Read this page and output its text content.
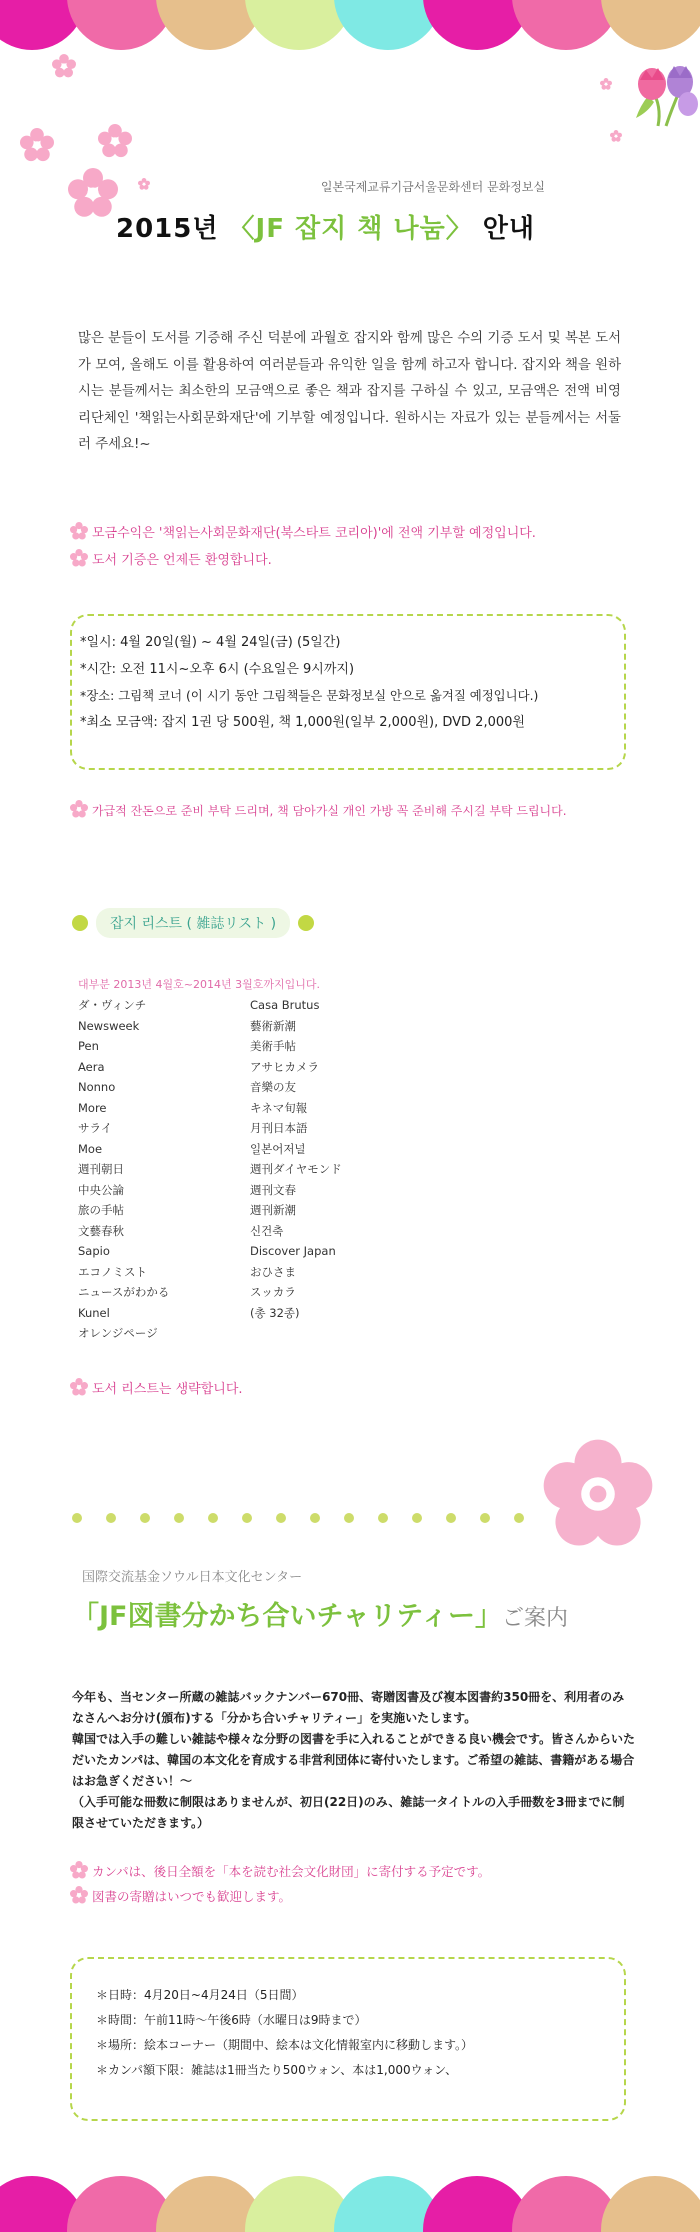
일본국제교류기금서울문화센터 문화정보실
2015년 〈JF 잡지 책 나눔〉 안내
많은 분들이 도서를 기증해 주신 덕분에 과월호 잡지와 함께 많은 수의 기증 도서 및 복본 도서가 모여, 올해도 이를 활용하여 여러분들과 유익한 일을 함께 하고자 합니다. 잡지와 책을 원하시는 분들께서는 최소한의 모금액으로 좋은 책과 잡지를 구하실 수 있고, 모금액은 전액 비영리단체인 '책읽는사회문화재단'에 기부할 예정입니다. 원하시는 자료가 있는 분들께서는 서둘러 주세요!~
모금수익은 '책읽는사회문화재단(북스타트 코리아)'에 전액 기부할 예정입니다.
도서 기증은 언제든 환영합니다.
*일시: 4월 20일(월) ~ 4월 24일(금) (5일간)
*시간: 오전 11시~오후 6시 (수요일은 9시까지)
*장소: 그림책 코너 (이 시기 동안 그림책들은 문화정보실 안으로 옮겨질 예정입니다.)
*최소 모금액: 잡지 1권 당 500원, 책 1,000원(일부 2,000원), DVD 2,000원
가급적 잔돈으로 준비 부탁 드리며, 책 담아가실 개인 가방 꼭 준비해 주시길 부탁 드립니다.
잡지 리스트 ( 雑誌リスト )
대부분 2013년 4월호~2014년 3월호까지입니다.
ダ・ヴィンチ
Newsweek
Pen
Aera
Nonno
More
サライ
Moe
週刊朝日
中央公論
旅の手帖
文藝春秋
Sapio
エコノミスト
ニュースがわかる
Kunel
オレンジページ
Casa Brutus
藝術新潮
美術手帖
アサヒカメラ
音樂の友
キネマ旬報
月刊日本語
일본어저널
週刊ダイヤモンド
週刊文春
週刊新潮
신건축
Discover Japan
おひさま
スッカラ
(총 32종)
도서 리스트는 생략합니다.
国際交流基金ソウル日本文化センター
「JF図書分かち合いチャリティー」ご案内
今年も、当センター所蔵の雑誌バックナンバー670冊、寄贈図書及び複本図書約350冊を、利用者のみなさんへお分け(頒布)する「分かち合いチャリティー」を実施いたします。
韓国では入手の難しい雑誌や様々な分野の図書を手に入れることができる良い機会です。皆さんからいただいたカンパは、韓国の本文化を育成する非営利団体に寄付いたします。ご希望の雑誌、書籍がある場合はお急ぎください！～
（入手可能な冊数に制限はありませんが、初日(22日)のみ、雑誌一タイトルの入手冊数を3冊までに制限させていただきます。）
カンパは、後日全額を「本を読む社会文化財団」に寄付する予定です。
図書の寄贈はいつでも歓迎します。
＊日時：4月20日~4月24日（5日間）
＊時間：午前11時～午後6時（水曜日は9時まで）
＊場所：絵本コーナー（期間中、絵本は文化情報室内に移動します。）
＊カンパ額下限：雑誌は1冊当たり500ウォン、本は1,000ウォン、
